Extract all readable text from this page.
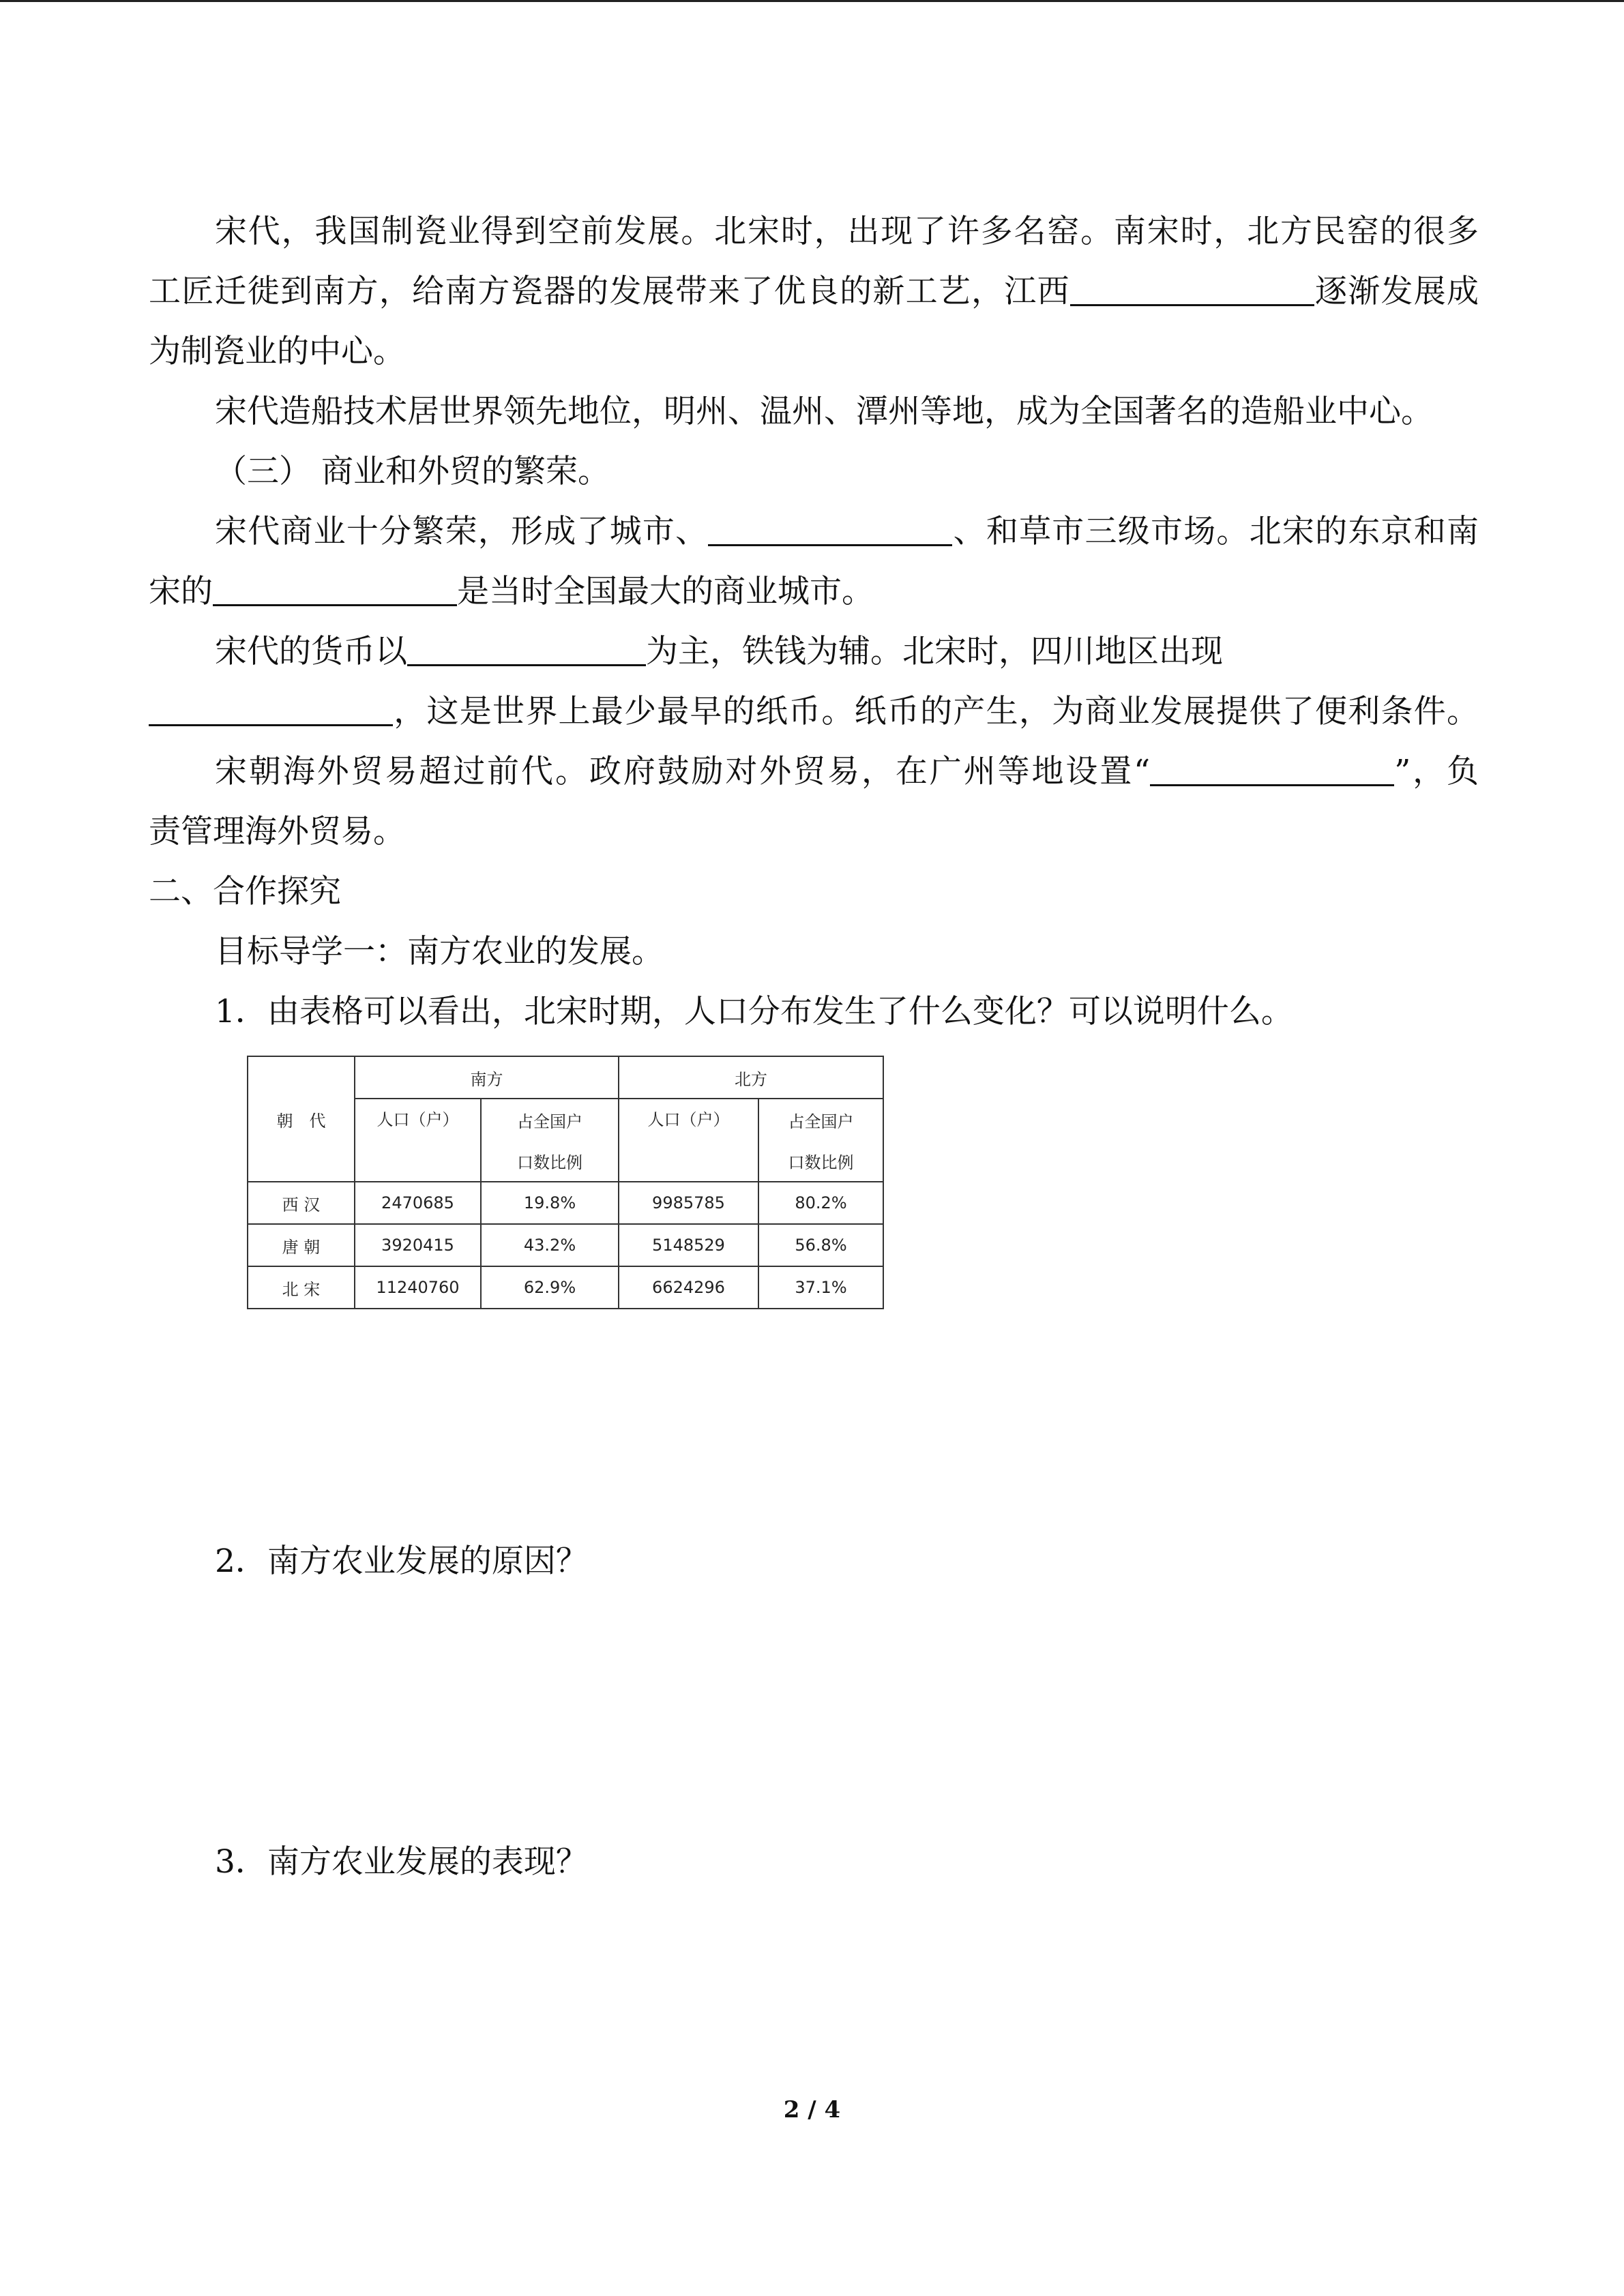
宋代，我国制瓷业得到空前发展。北宋时，出现了许多名窑。南宋时，北方民窑的很多
工匠迁徙到南方，给南方瓷器的发展带来了优良的新工艺，江西	逐渐发展成
为制瓷业的中心。
宋代造船技术居世界领先地位，明州、温州、潭州等地，成为全国著名的造船业中心。
（三） 商业和外贸的繁荣。
宋代商业十分繁荣，形成了城市、	、和草市三级市场。北宋的东京和南
宋的	是当时全国最大的商业城市。
宋代的货币以	为主，铁钱为辅。北宋时，四川地区出现
，这是世界上最少最早的纸币。纸币的产生，为商业发展提供了便利条件。
宋朝海外贸易超过前代。政府鼓励对外贸易，在广州等地设置“	”，负
责管理海外贸易。
二、合作探究
目标导学一：南方农业的发展。
1．由表格可以看出，北宋时期，人口分布发生了什么变化？可以说明什么。
朝　代	南方		北方	
	人口（户）	占全国户	人口（户）	占全国户
		口数比例		口数比例
西 汉	2470685	19.8%	9985785	80.2%
唐 朝	3920415	43.2%	5148529	56.8%
北 宋	11240760	62.9%	6624296	37.1%
2．南方农业发展的原因？
3．南方农业发展的表现？
2 / 4
